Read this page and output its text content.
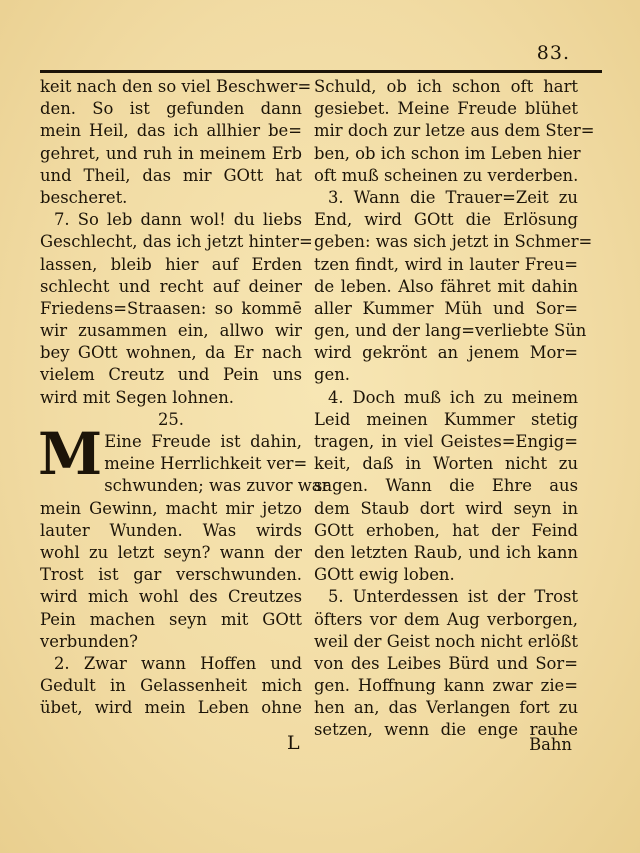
83.
keit nach den so viel Beschwer=
den. So ist gefunden dann
mein Heil, das ich allhier be=
gehret, und ruh in meinem Erb
und Theil, das mir GOtt hat
bescheret.
7. So leb dann wol! du liebs
Geschlecht, das ich jetzt hinter=
lassen, bleib hier auf Erden
schlecht und recht auf deiner
Friedens=Straasen: so kommē
wir zusammen ein, allwo wir
bey GOtt wohnen, da Er nach
vielem Creutz und Pein uns
wird mit Segen lohnen.
25.
M Eine Freude ist dahin,
meine Herrlichkeit ver=
schwunden; was zuvor war
mein Gewinn, macht mir jetzo
lauter Wunden. Was wirds
wohl zu letzt seyn? wann der
Trost ist gar verschwunden.
wird mich wohl des Creutzes
Pein machen seyn mit GOtt
verbunden?
2. Zwar wann Hoffen und
Gedult in Gelassenheit mich
übet, wird mein Leben ohne
Schuld, ob ich schon oft hart
gesiebet. Meine Freude blühet
mir doch zur letze aus dem Ster=
ben, ob ich schon im Leben hier
oft muß scheinen zu verderben.
3. Wann die Trauer=Zeit zu
End, wird GOtt die Erlösung
geben: was sich jetzt in Schmer=
tzen findt, wird in lauter Freu=
de leben. Also fähret mit dahin
aller Kummer Müh und Sor=
gen, und der lang=verliebte Sün
wird gekrönt an jenem Mor=
gen.
4. Doch muß ich zu meinem
Leid meinen Kummer stetig
tragen, in viel Geistes=Engig=
keit, daß in Worten nicht zu
sagen. Wann die Ehre aus
dem Staub dort wird seyn in
GOtt erhoben, hat der Feind
den letzten Raub, und ich kann
GOtt ewig loben.
5. Unterdessen ist der Trost
öfters vor dem Aug verborgen,
weil der Geist noch nicht erlößt
von des Leibes Bürd und Sor=
gen. Hoffnung kann zwar zie=
hen an, das Verlangen fort zu
setzen, wenn die enge rauhe
Bahn
L
